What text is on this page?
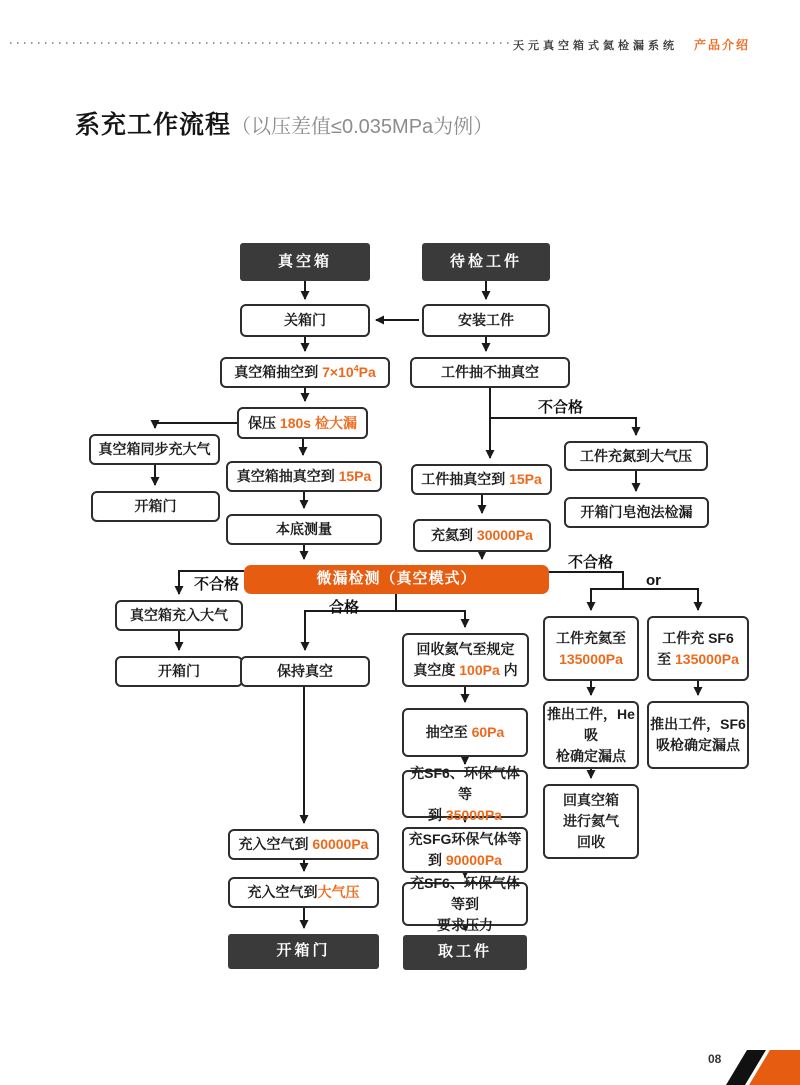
天元真空箱式氦检漏系统 产品介绍
系充工作流程 （以压差值≤0.035MPa为例）
不合格
不合格
合格
不合格
or
真空箱	待检工件
关箱门	安装工件
真空箱抽空到 $7\times 10^4Pa$	工件抽不抽真空
保压 180s 检大漏
真空箱同步充大气
真空箱抽真空到 15Pa
工件充氮到大气压
开箱门
工件抽真空到 15Pa
本底测量
开箱门皂泡法检漏
充氦到 30000Pa
微漏检测（真空模式）
真空箱充入大气
开箱门	保持真空
回收氦气至规定
真空度 100Pa 内
工件充氦至
135000Pa
工件充 SF6
至 135000Pa
抽空至 60Pa
推出工件，He吸
枪确定漏点
推出工件，SF6
吸枪确定漏点
充SF6、环保气体等
到 35000Pa
回真空箱
进行氦气
回收
充SFG环保气体等
到 90000Pa
充入空气到 60000Pa
充SF6、环保气体等到
要求压力
充入空气到大气压
开箱门	取工件
08
